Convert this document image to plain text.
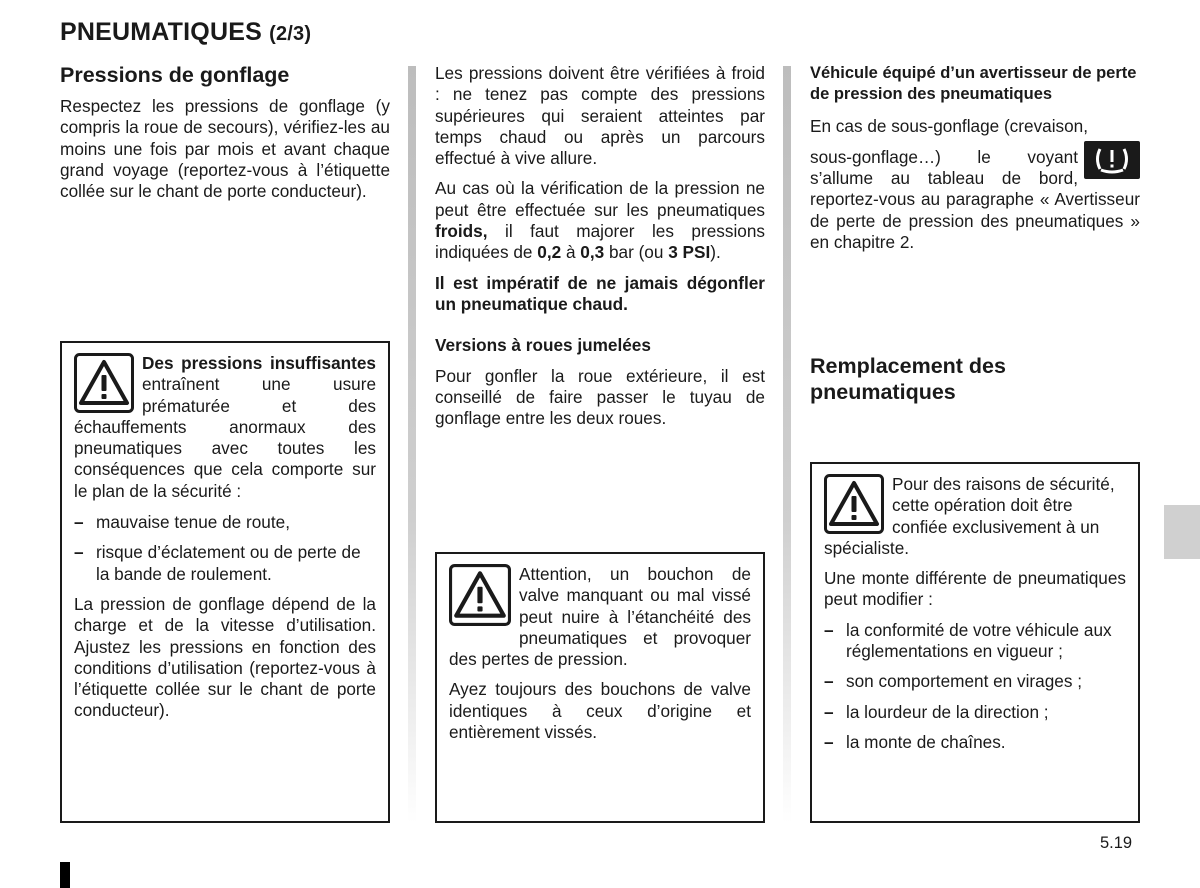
PNEUMATIQUES (2/3)
Pressions de gonflage

Respectez les pressions de gonflage (y compris la roue de secours), vérifiez-les au moins une fois par mois et avant chaque grand voyage (reportez-vous à l’étiquette collée sur le chant de porte conducteur).

Des pressions insuffisantes entraînent une usure prématurée et des échauffements anormaux des pneumatiques avec toutes les conséquences que cela comporte sur le plan de la sécurité :

– mauvaise tenue de route,
– risque d’éclatement ou de perte de la bande de roulement.

La pression de gonflage dépend de la charge et de la vitesse d’utilisation. Ajustez les pressions en fonction des conditions d’utilisation (reportez-vous à l’étiquette collée sur le chant de porte conducteur).

Les pressions doivent être vérifiées à froid : ne tenez pas compte des pressions supérieures qui seraient atteintes par temps chaud ou après un parcours effectué à vive allure.

Au cas où la vérification de la pression ne peut être effectuée sur les pneumatiques froids, il faut majorer les pressions indiquées de 0,2 à 0,3 bar (ou 3 PSI).

Il est impératif de ne jamais dégonfler un pneumatique chaud.

Versions à roues jumelées

Pour gonfler la roue extérieure, il est conseillé de faire passer le tuyau de gonflage entre les deux roues.

Attention, un bouchon de valve manquant ou mal vissé peut nuire à l’étanchéité des pneumatiques et provoquer des pertes de pression.

Ayez toujours des bouchons de valve identiques à ceux d’origine et entièrement vissés.

Véhicule équipé d’un avertisseur de perte de pression des pneumatiques

En cas de sous-gonflage (crevaison,

sous-gonflage…) le voyant

s’allume au tableau de bord, reportez-vous au paragraphe « Avertisseur de perte de pression des pneumatiques » en chapitre 2.

Remplacement des pneumatiques

Pour des raisons de sécurité, cette opération doit être confiée exclusivement à un spécialiste.

Une monte différente de pneumatiques peut modifier :

– la conformité de votre véhicule aux réglementations en vigueur ;
– son comportement en virages ;
– la lourdeur de la direction ;
– la monte de chaînes.
5.19
